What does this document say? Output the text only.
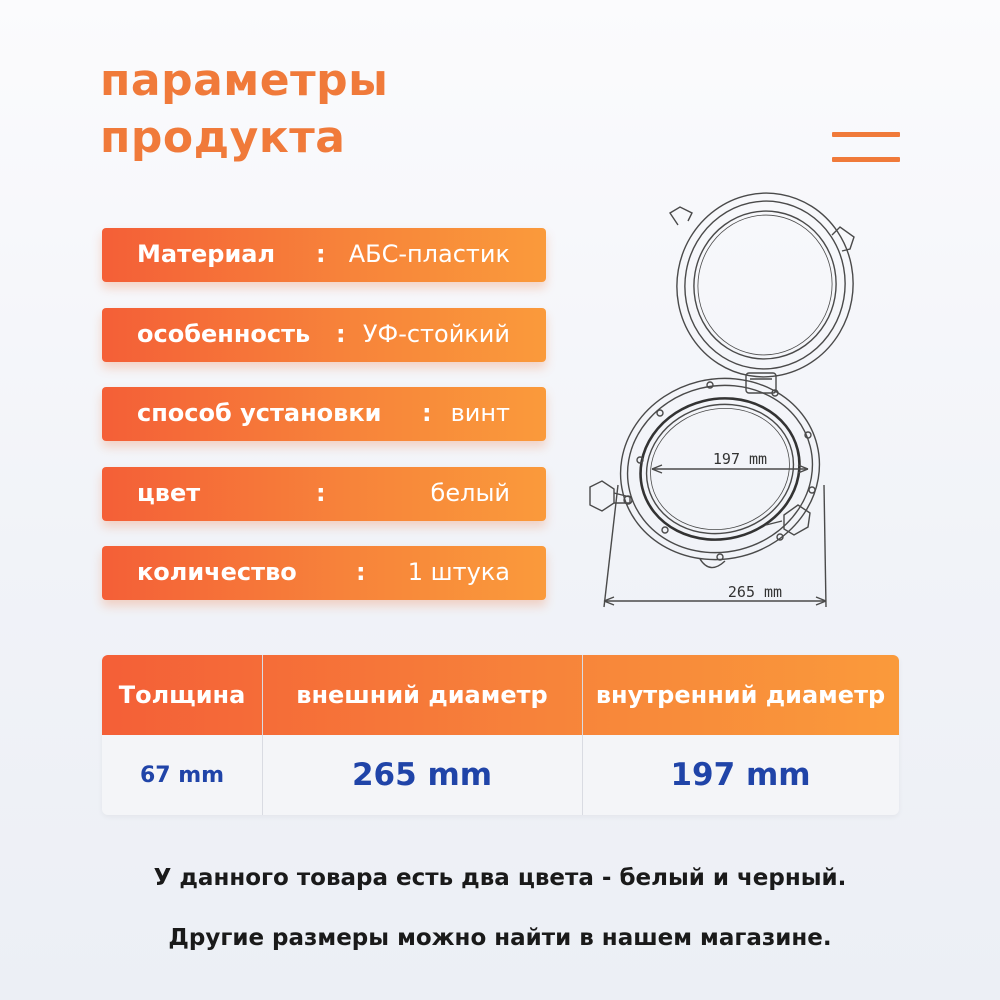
параметры
продукта
Материал : АБС-пластик
особенность : УФ-стойкий
способ установки : винт
цвет	:	белый
количество : 1 штука
197 mm
265 mm
Толщина	внешний диаметр	внутренний диаметр
67 mm	265 mm	197 mm
У данного товара есть два цвета - белый и черный.
Другие размеры можно найти в нашем магазине.
